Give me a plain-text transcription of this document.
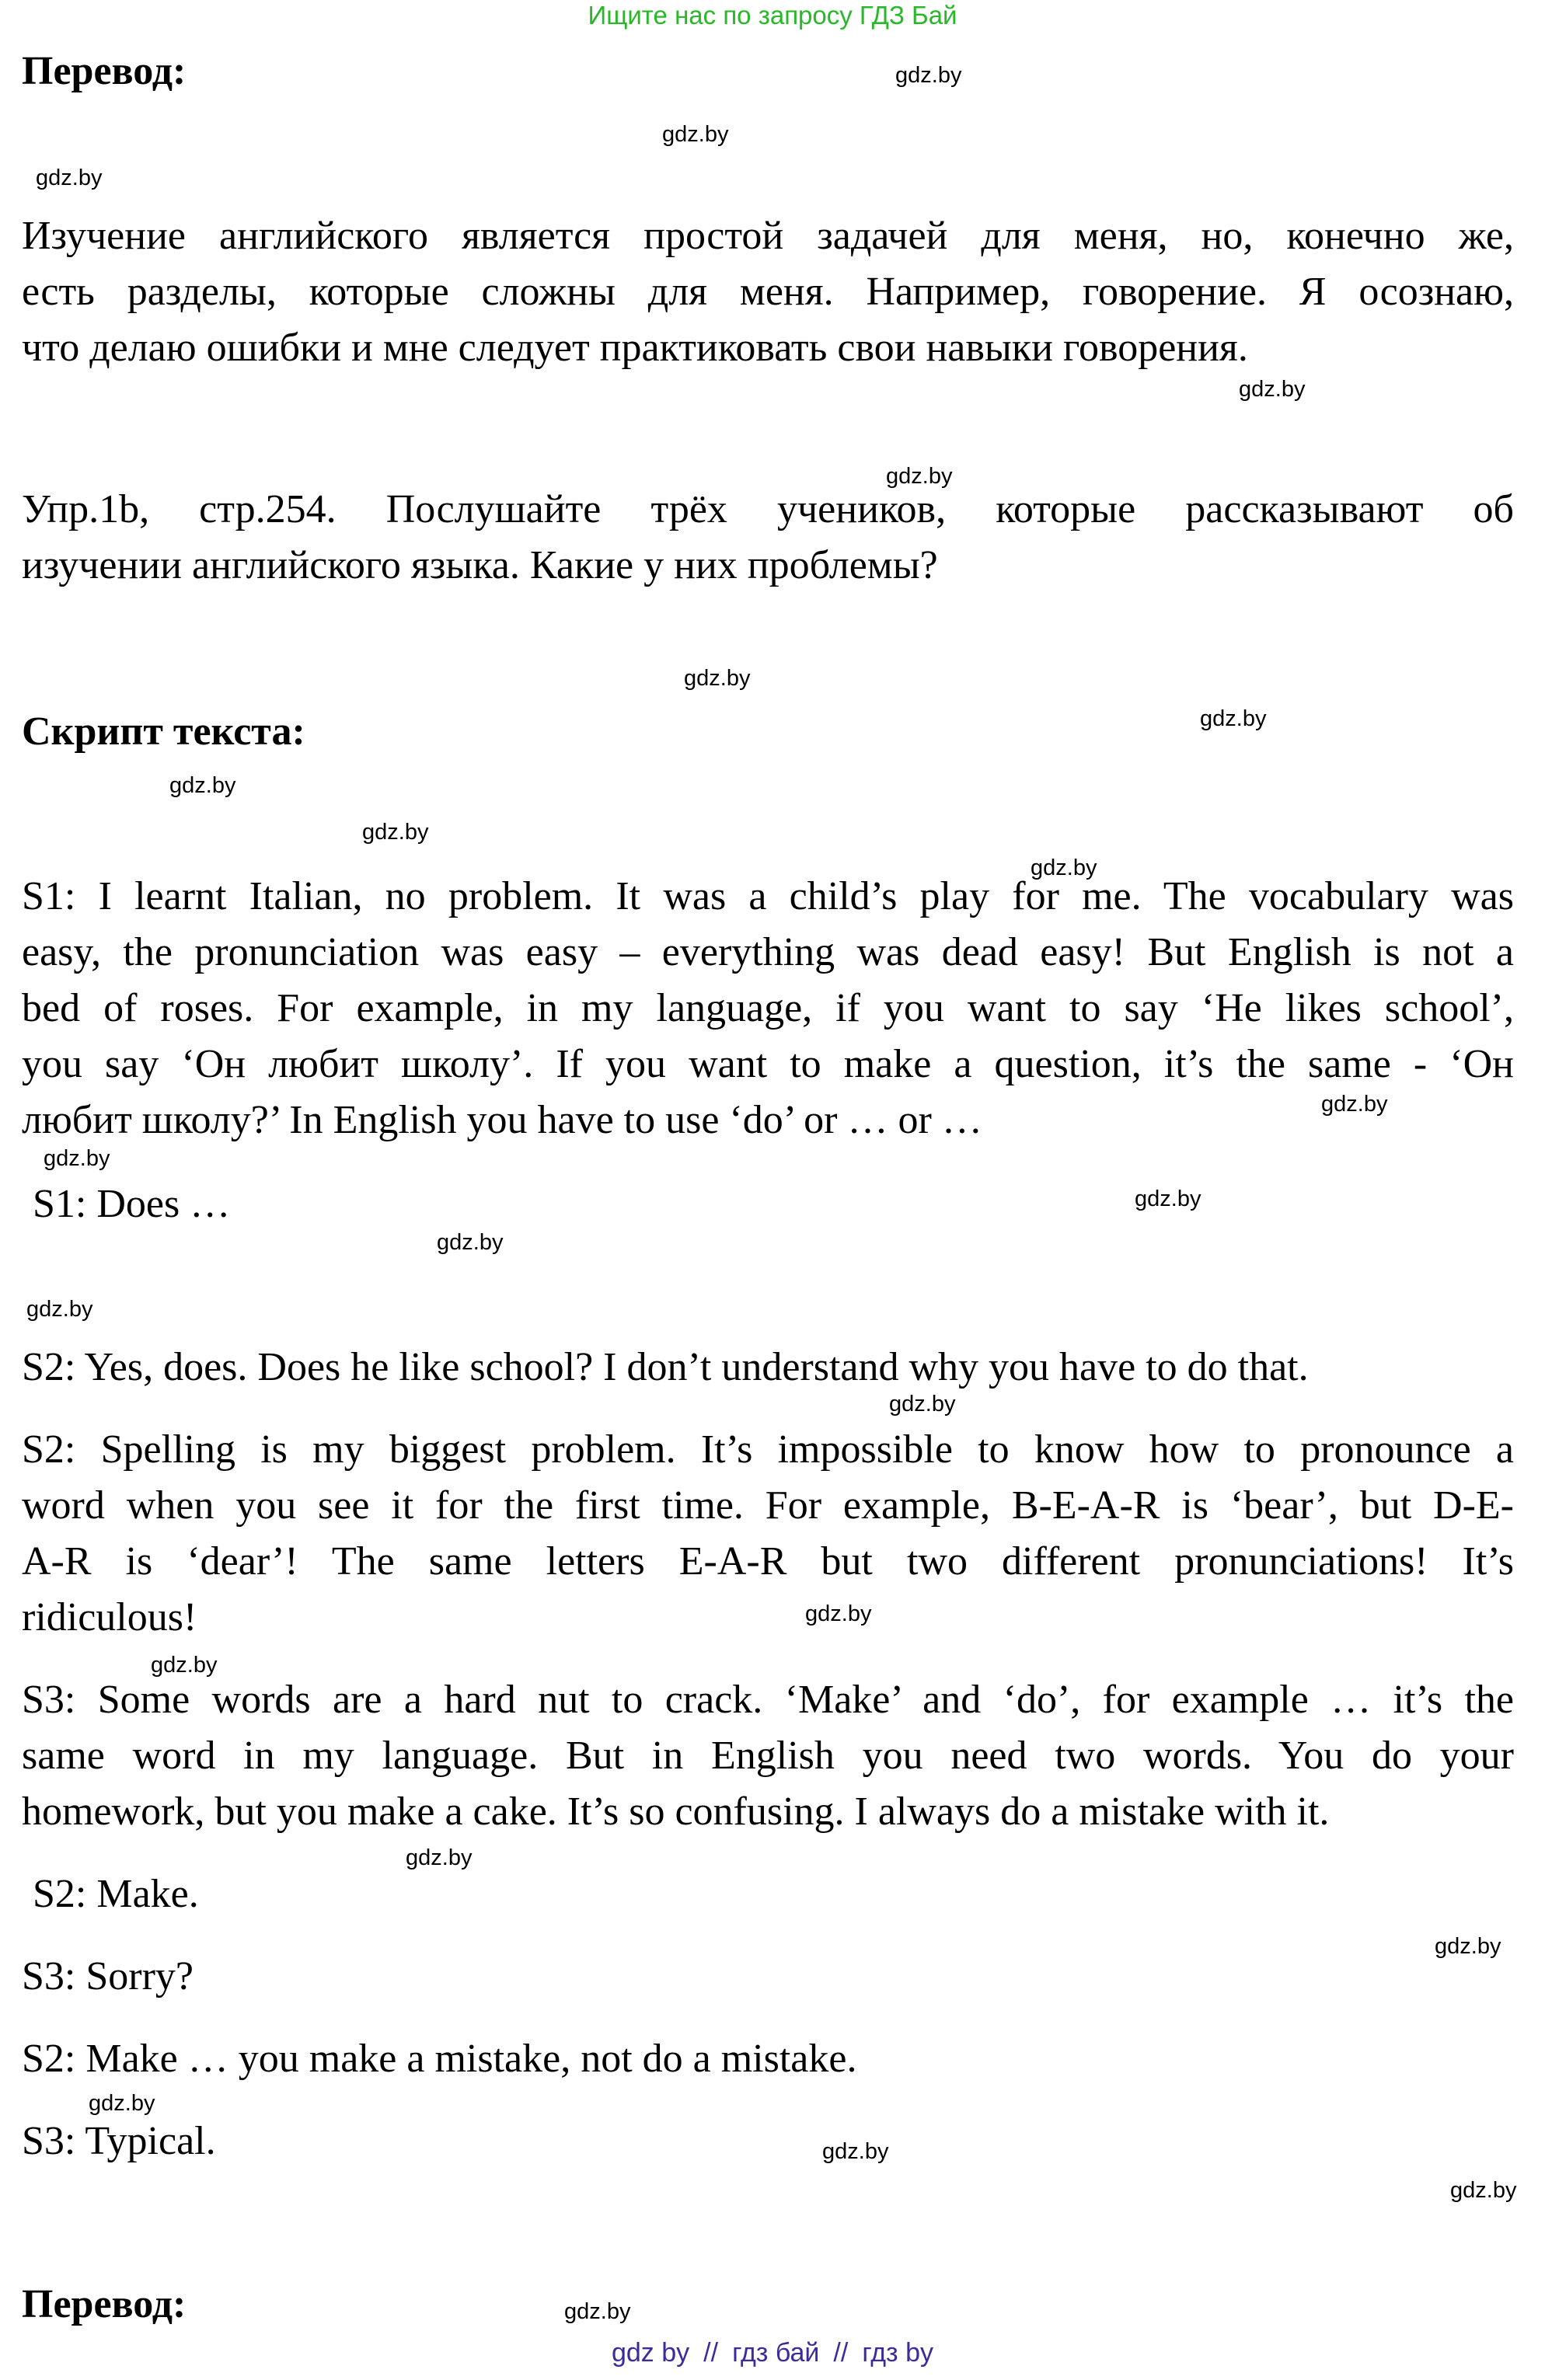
Ищите нас по запросу ГДЗ Бай
Перевод:
Изучение английского является простой задачей для меня, но, конечно же,
есть разделы, которые сложны для меня. Например, говорение. Я осознаю,
что делаю ошибки и мне следует практиковать свои навыки говорения.
Упр.1b, стр.254. Послушайте трёх учеников, которые рассказывают об
изучении английского языка. Какие у них проблемы?
Скрипт текста:
S1: I learnt Italian, no problem. It was a child’s play for me. The vocabulary was
easy, the pronunciation was easy – everything was dead easy! But English is not a
bed of roses. For example, in my language, if you want to say ‘He likes school’,
you say ‘Он любит школу’. If you want to make a question, it’s the same - ‘Он
любит школу?’ In English you have to use ‘do’ or … or …
S1: Does …
S2: Yes, does. Does he like school? I don’t understand why you have to do that.
S2: Spelling is my biggest problem. It’s impossible to know how to pronounce a
word when you see it for the first time. For example, B-E-A-R is ‘bear’, but D-E-
A-R is ‘dear’! The same letters E-A-R but two different pronunciations! It’s
ridiculous!
S3: Some words are a hard nut to crack. ‘Make’ and ‘do’, for example … it’s the
same word in my language. But in English you need two words. You do your
homework, but you make a cake. It’s so confusing. I always do a mistake with it.
S2: Make.
S3: Sorry?
S2: Make … you make a mistake, not do a mistake.
S3: Typical.
Перевод:
gdz.by
gdz.by
gdz.by
gdz.by
gdz.by
gdz.by
gdz.by
gdz.by
gdz.by
gdz.by
gdz.by
gdz.by
gdz.by
gdz.by
gdz.by
gdz.by
gdz.by
gdz.by
gdz.by
gdz.by
gdz.by
gdz.by
gdz.by
gdz.by
gdz by // гдз бай // гдз by
